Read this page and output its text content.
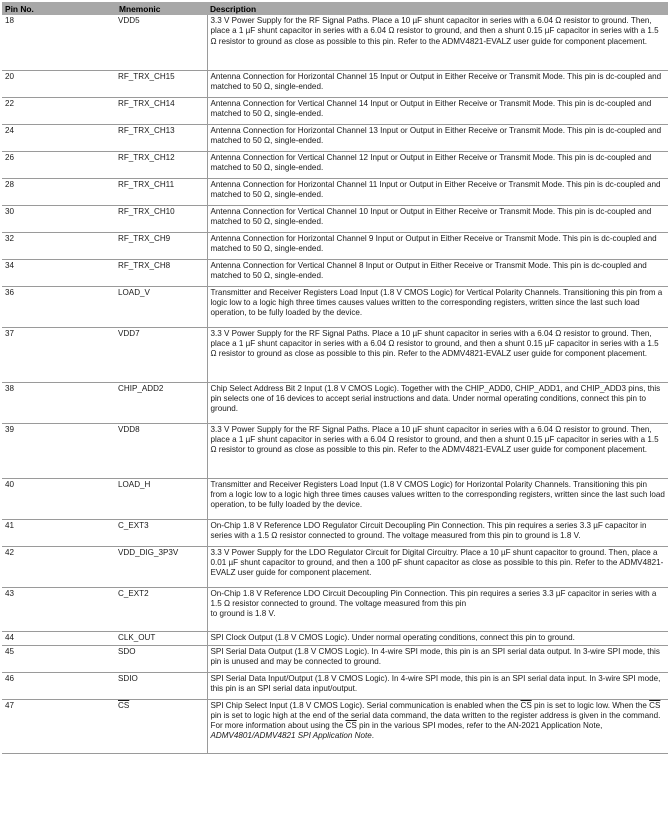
Pin No.	Mnemonic	Description
18	VDD5	3.3 V Power Supply for the RF Signal Paths. Place a 10 µF shunt capacitor in series with a 6.04 Ω resistor to ground. Then, place a 1 µF shunt capacitor in series with a 6.04 Ω resistor to ground, and then a shunt 0.15 µF capacitor in series with a 1.5 Ω resistor to ground as close as possible to this pin. Refer to the ADMV4821-EVALZ user guide for component placement.
20	RF_TRX_CH15	Antenna Connection for Horizontal Channel 15 Input or Output in Either Receive or Transmit Mode. This pin is dc-coupled and matched to 50 Ω, single-ended.
22	RF_TRX_CH14	Antenna Connection for Vertical Channel 14 Input or Output in Either Receive or Transmit Mode. This pin is dc-coupled and matched to 50 Ω, single-ended.
24	RF_TRX_CH13	Antenna Connection for Horizontal Channel 13 Input or Output in Either Receive or Transmit Mode. This pin is dc-coupled and matched to 50 Ω, single-ended.
26	RF_TRX_CH12	Antenna Connection for Vertical Channel 12 Input or Output in Either Receive or Transmit Mode. This pin is dc-coupled and matched to 50 Ω, single-ended.
28	RF_TRX_CH11	Antenna Connection for Horizontal Channel 11 Input or Output in Either Receive or Transmit Mode. This pin is dc-coupled and matched to 50 Ω, single-ended.
30	RF_TRX_CH10	Antenna Connection for Vertical Channel 10 Input or Output in Either Receive or Transmit Mode. This pin is dc-coupled and matched to 50 Ω, single-ended.
32	RF_TRX_CH9	Antenna Connection for Horizontal Channel 9 Input or Output in Either Receive or Transmit Mode. This pin is dc-coupled and matched to 50 Ω, single-ended.
34	RF_TRX_CH8	Antenna Connection for Vertical Channel 8 Input or Output in Either Receive or Transmit Mode. This pin is dc-coupled and matched to 50 Ω, single-ended.
36	LOAD_V	Transmitter and Receiver Registers Load Input (1.8 V CMOS Logic) for Vertical Polarity Channels. Transitioning this pin from a logic low to a logic high three times causes values written to the corresponding registers, written since the last such load operation, to be fully loaded by the device.
37	VDD7	3.3 V Power Supply for the RF Signal Paths. Place a 10 µF shunt capacitor in series with a 6.04 Ω resistor to ground. Then, place a 1 µF shunt capacitor in series with a 6.04 Ω resistor to ground, and then a shunt 0.15 µF capacitor in series with a 1.5 Ω resistor to ground as close as possible to this pin. Refer to the ADMV4821-EVALZ user guide for component placement.
38	CHIP_ADD2	Chip Select Address Bit 2 Input (1.8 V CMOS Logic). Together with the CHIP_ADD0, CHIP_ADD1, and CHIP_ADD3 pins, this pin selects one of 16 devices to accept serial instructions and data. Under normal operating conditions, connect this pin to ground.
39	VDD8	3.3 V Power Supply for the RF Signal Paths. Place a 10 µF shunt capacitor in series with a 6.04 Ω resistor to ground. Then, place a 1 µF shunt capacitor in series with a 6.04 Ω resistor to ground, and then a shunt 0.15 µF capacitor in series with a 1.5 Ω resistor to ground as close as possible to this pin. Refer to the ADMV4821-EVALZ user guide for component placement.
40	LOAD_H	Transmitter and Receiver Registers Load Input (1.8 V CMOS Logic) for Horizontal Polarity Channels. Transitioning this pin from a logic low to a logic high three times causes values written to the corresponding registers, written since the last such load operation, to be fully loaded by the device.
41	C_EXT3	On-Chip 1.8 V Reference LDO Regulator Circuit Decoupling Pin Connection. This pin requires a series 3.3 µF capacitor in series with a 1.5 Ω resistor connected to ground. The voltage measured from this pin to ground is 1.8 V.
42	VDD_DIG_3P3V	3.3 V Power Supply for the LDO Regulator Circuit for Digital Circuitry. Place a 10 µF shunt capacitor to ground. Then, place a 0.01 µF shunt capacitor to ground, and then a 100 pF shunt capacitor as close as possible to this pin. Refer to the ADMV4821-EVALZ user guide for component placement.
43	C_EXT2	On-Chip 1.8 V Reference LDO Circuit Decoupling Pin Connection. This pin requires a series 3.3 µF capacitor in series with a 1.5 Ω resistor connected to ground. The voltage measured from this pin
to ground is 1.8 V.
44	CLK_OUT	SPI Clock Output (1.8 V CMOS Logic). Under normal operating conditions, connect this pin to ground.
45	SDO	SPI Serial Data Output (1.8 V CMOS Logic). In 4-wire SPI mode, this pin is an SPI serial data output. In 3-wire SPI mode, this pin is unused and may be connected to ground.
46	SDIO	SPI Serial Data Input/Output (1.8 V CMOS Logic). In 4-wire SPI mode, this pin is an SPI serial data input. In 3-wire SPI mode, this pin is an SPI serial data input/output.
47	$\overline{CS}$	SPI Chip Select Input (1.8 V CMOS Logic). Serial communication is enabled when the $\overline{CS}$ pin is set to logic low. When the $\overline{CS}$ pin is set to logic high at the end of the serial data command, the data written to the register address is given in the command. For more information about using the $\overline{CS}$ pin in the various SPI modes, refer to the AN-2021 Application Note, ADMV4801/ADMV4821 SPI Application Note.
